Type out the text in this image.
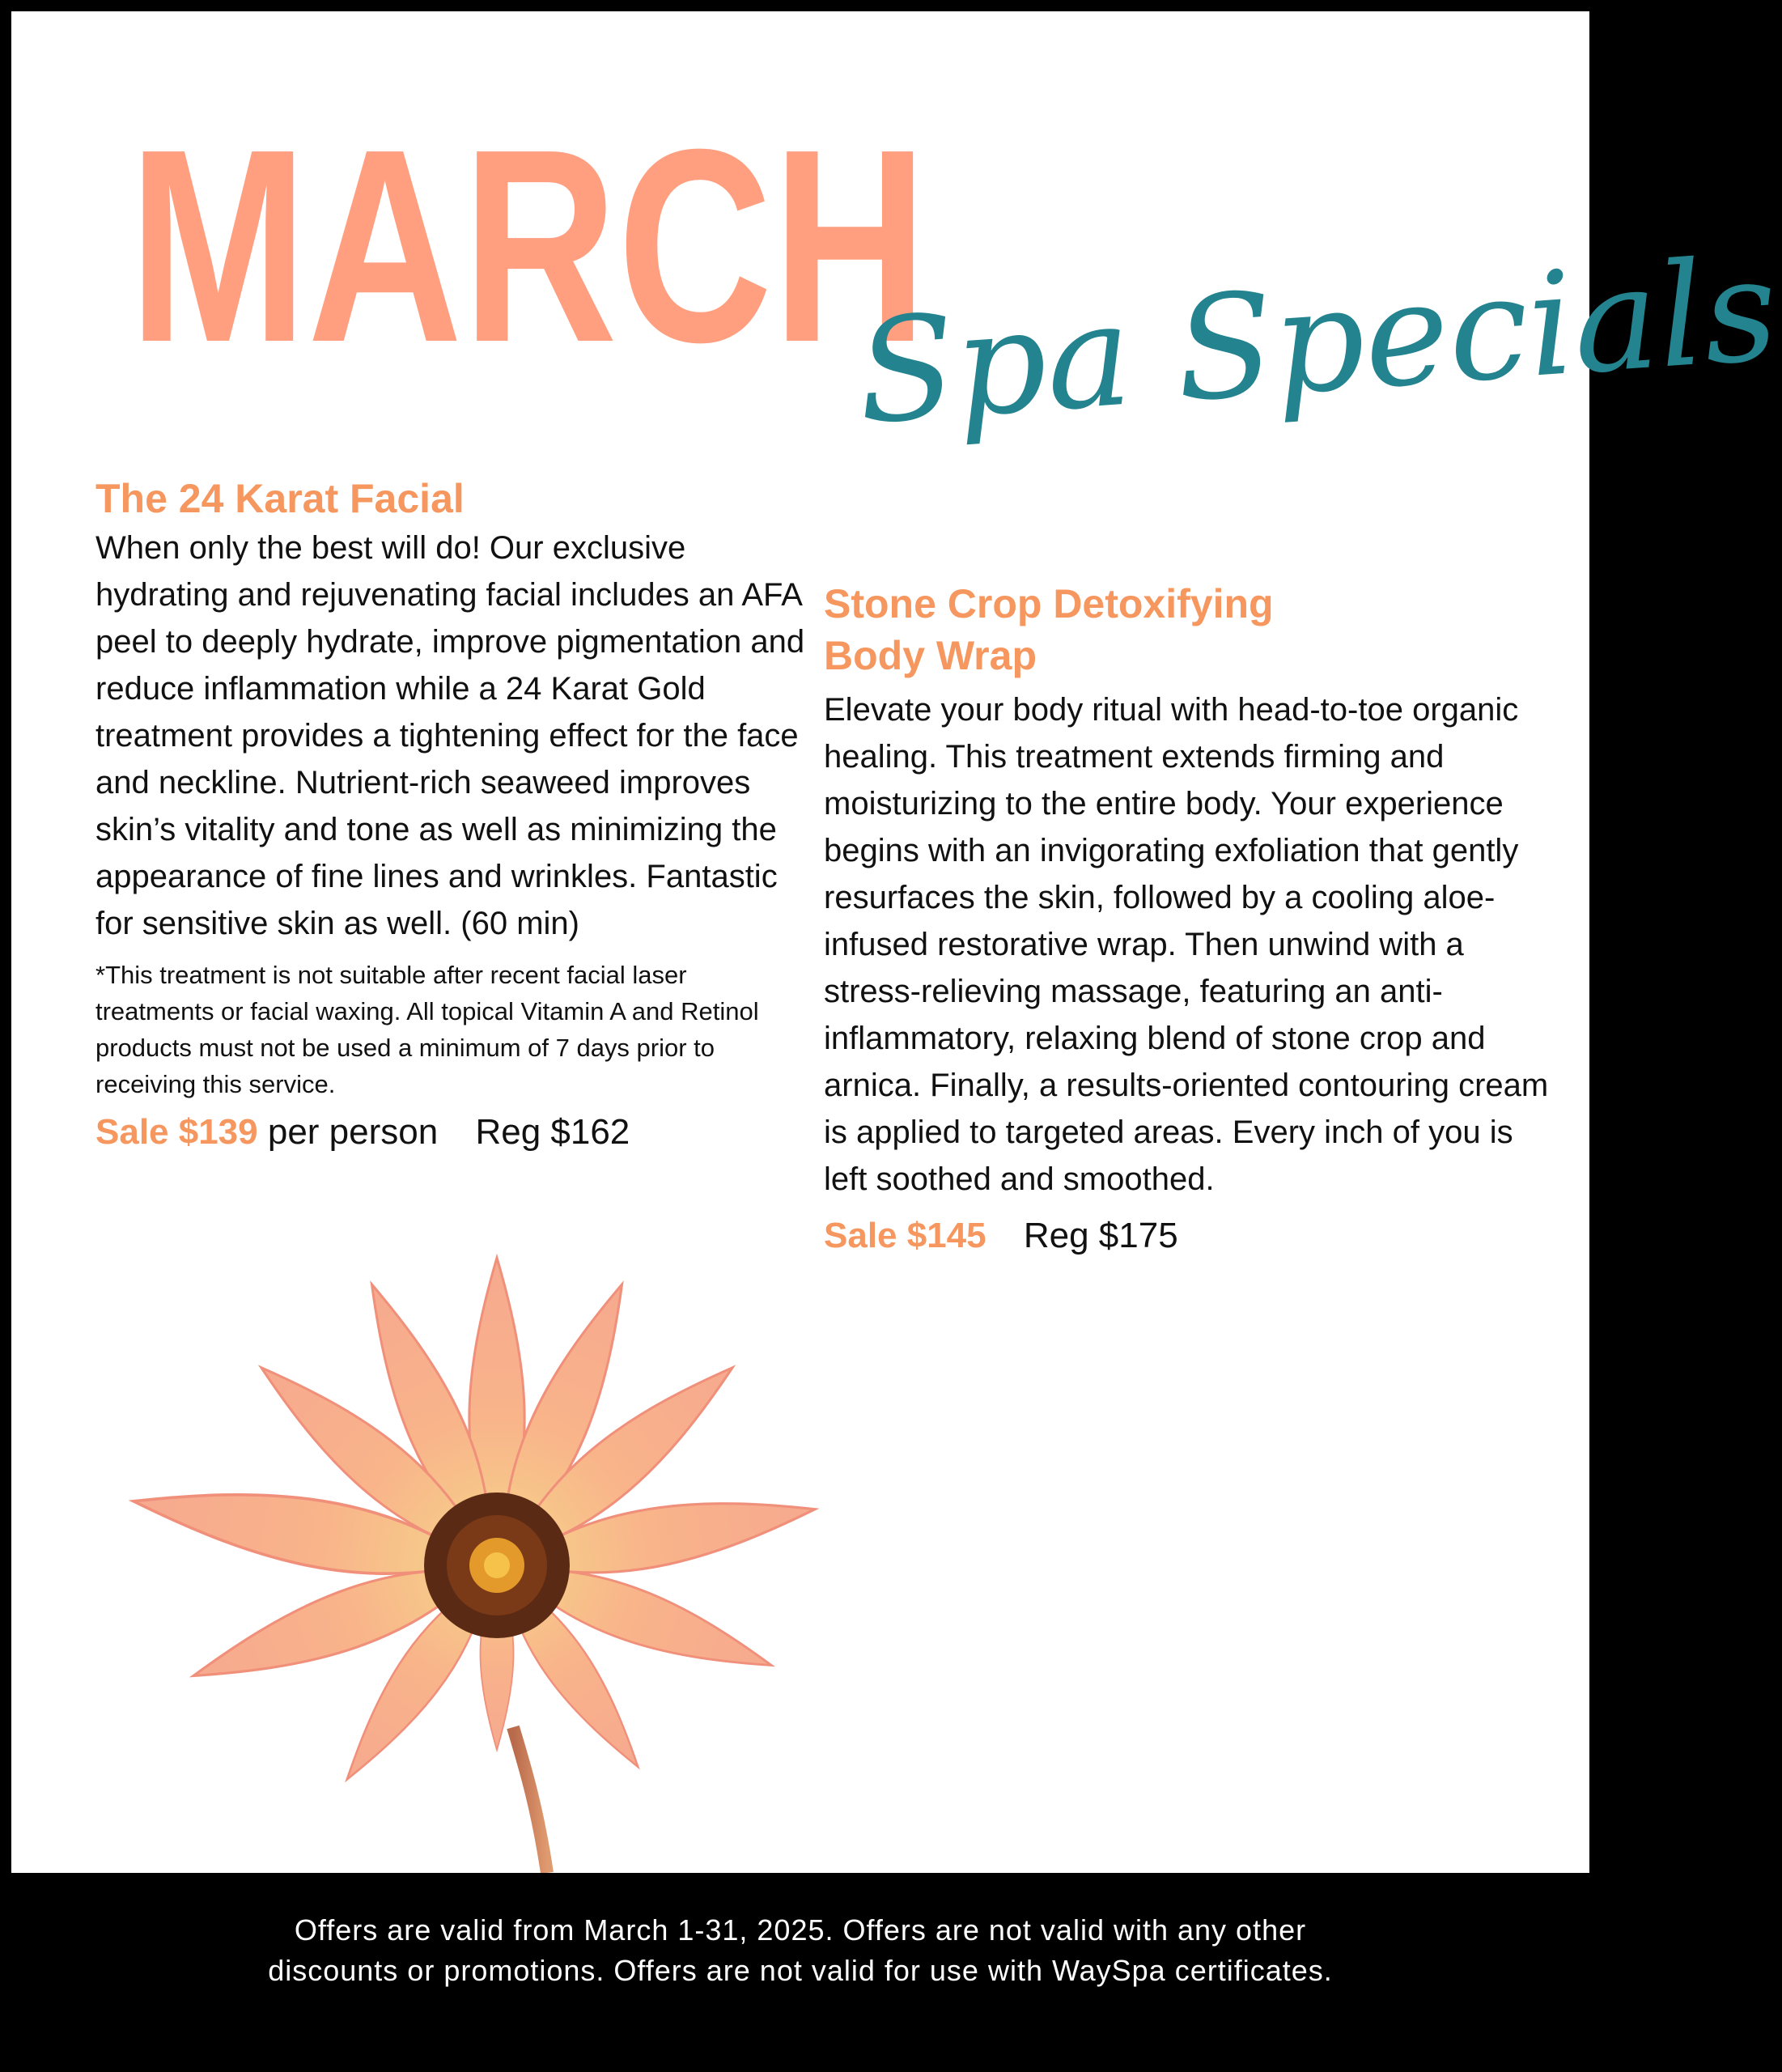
MARCH
Spa Specials
The 24 Karat Facial

When only the best will do! Our exclusive hydrating and rejuvenating facial includes an AFA peel to deeply hydrate, improve pigmentation and reduce inflammation while a 24 Karat Gold treatment provides a tightening effect for the face and neckline. Nutrient-rich seaweed improves skin’s vitality and tone as well as minimizing the appearance of fine lines and wrinkles. Fantastic for sensitive skin as well. (60 min)

*This treatment is not suitable after recent facial laser treatments or facial waxing. All topical Vitamin A and Retinol products must not be used a minimum of 7 days prior to receiving this service.

Sale $139 per person Reg $162
Stone Crop Detoxifying
Body Wrap

Elevate your body ritual with head-to-toe organic healing. This treatment extends firming and moisturizing to the entire body. Your experience begins with an invigorating exfoliation that gently resurfaces the skin, followed by a cooling aloe-infused restorative wrap. Then unwind with a stress-relieving massage, featuring an anti-inflammatory, relaxing blend of stone crop and arnica. Finally, a results-oriented contouring cream is applied to targeted areas. Every inch of you is left soothed and smoothed.

Sale $145 Reg $175
Offers are valid from March 1-31, 2025. Offers are not valid with any other
discounts or promotions. Offers are not valid for use with WaySpa certificates.
